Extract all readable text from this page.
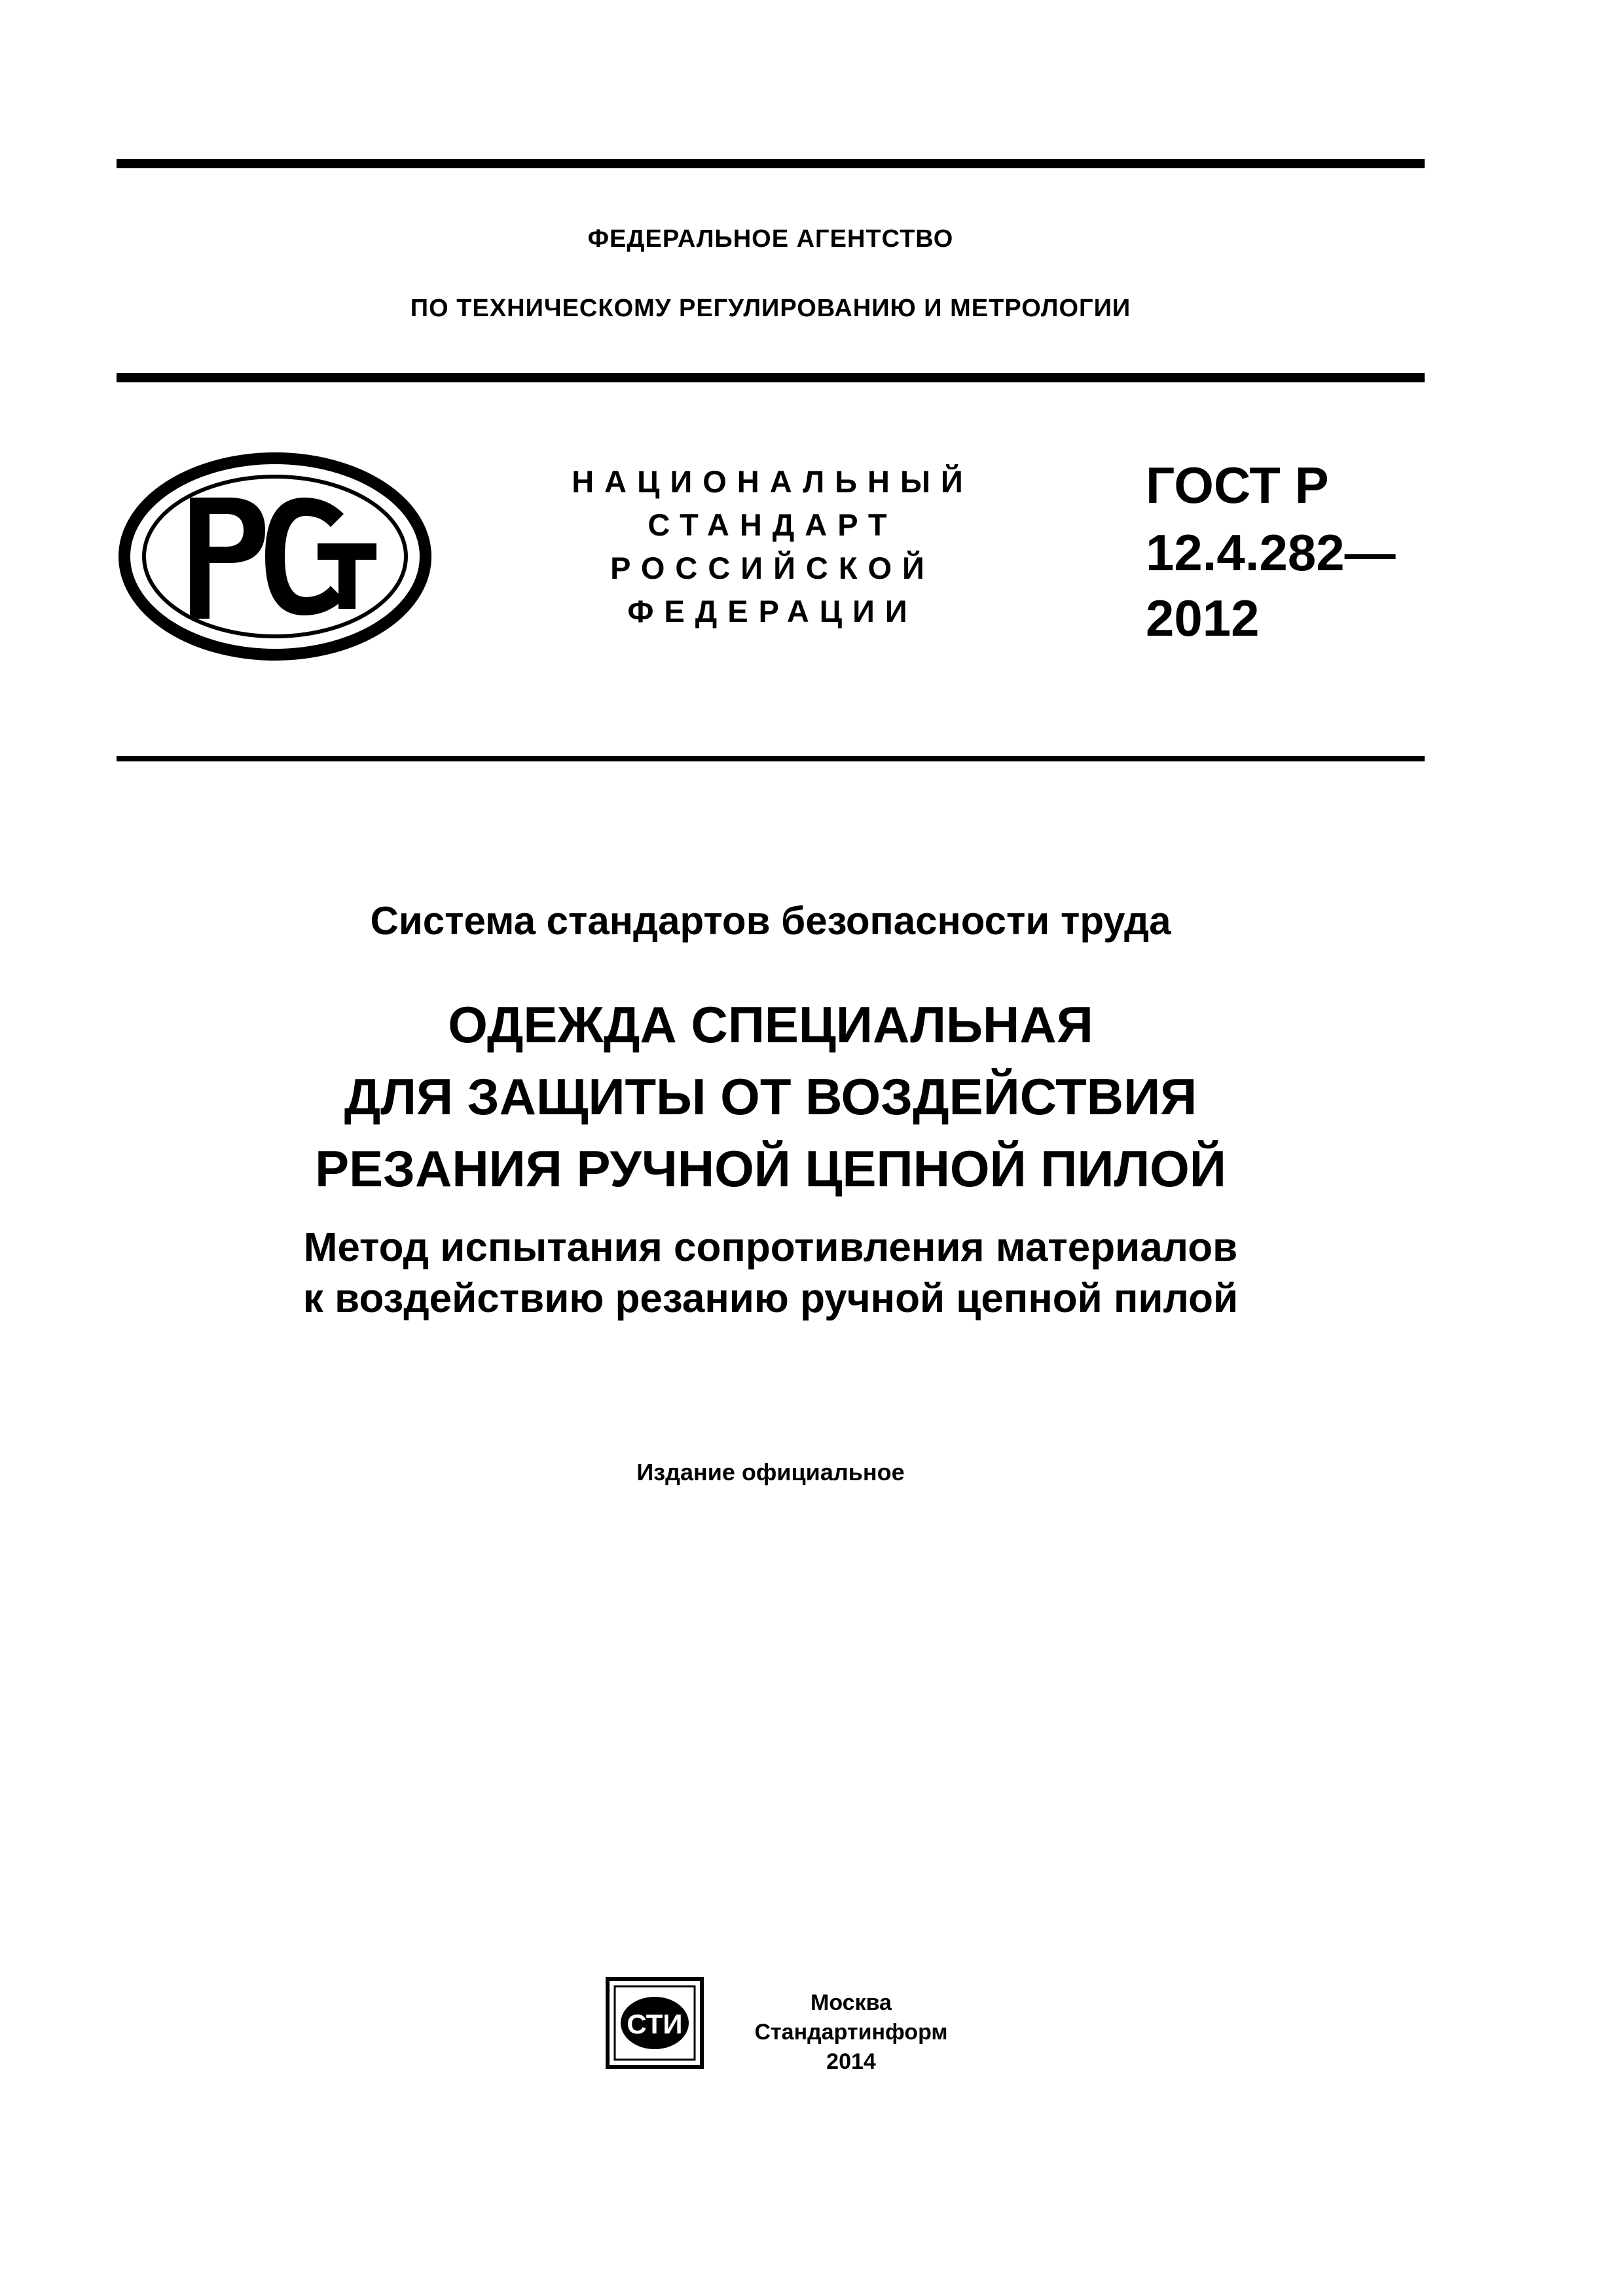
ФЕДЕРАЛЬНОЕ АГЕНТСТВО
ПО ТЕХНИЧЕСКОМУ РЕГУЛИРОВАНИЮ И МЕТРОЛОГИИ
НАЦИОНАЛЬНЫЙ
СТАНДАРТ
РОССИЙСКОЙ
ФЕДЕРАЦИИ
ГОСТ Р
12.4.282—
2012
Система стандартов безопасности труда
ОДЕЖДА СПЕЦИАЛЬНАЯ
ДЛЯ ЗАЩИТЫ ОТ ВОЗДЕЙСТВИЯ
РЕЗАНИЯ РУЧНОЙ ЦЕПНОЙ ПИЛОЙ
Метод испытания сопротивления материалов
к воздействию резанию ручной цепной пилой
Издание официальное
СТИ
Москва
Стандартинформ
2014
